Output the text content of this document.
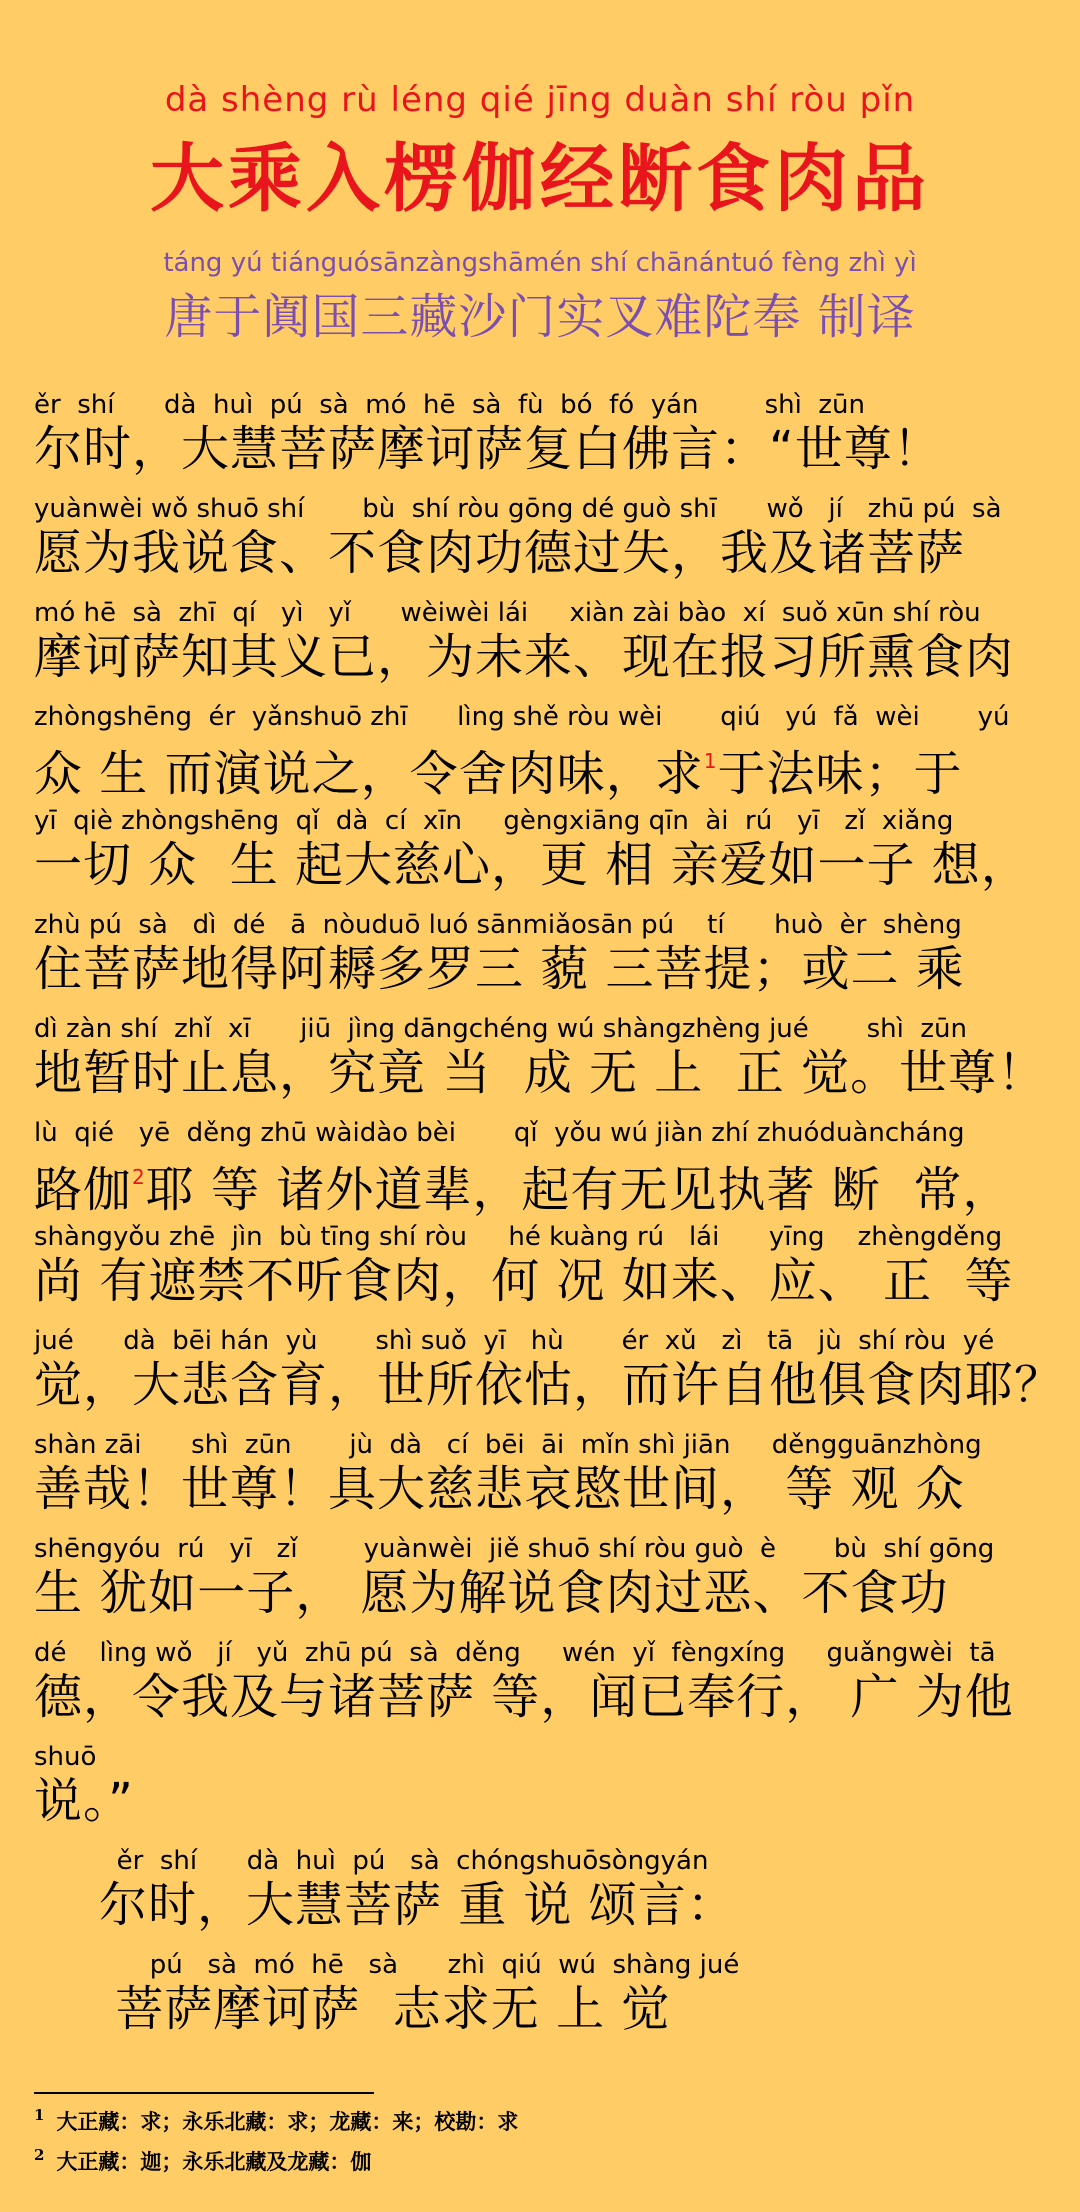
dà shèng rù léng qié jīng duàn shí ròu pǐn
大乘入楞伽经断食肉品
táng yú tiánguósānzàngshāmén shí chānántuó fèng zhì yì
唐于阗国三藏沙门实叉难陀奉 制译
ěr  shí      dà  huì  pú  sà  mó  hē  sà  fù  bó  fó  yán        shì  zūn
尔时，大慧菩萨摩诃萨复白佛言：“世尊！
yuànwèi wǒ shuō shí       bù  shí ròu gōng dé guò shī      wǒ   jí   zhū pú  sà
愿为我说食、不食肉功德过失，我及诸菩萨
mó hē  sà  zhī  qí   yì   yǐ      wèiwèi lái     xiàn zài bào  xí  suǒ xūn shí ròu
摩诃萨知其义已，为未来、现在报习所熏食肉
zhòngshēng  ér  yǎnshuō zhī      lìng shě ròu wèi       qiú   yú  fǎ  wèi       yú
众 生 而演说之，令舍肉味，求$^1$于法味；于
yī  qiè zhòngshēng  qǐ  dà  cí  xīn     gèngxiāng qīn  ài  rú   yī   zǐ  xiǎng
一切 众  生 起大慈心，更 相 亲爱如一子 想，
zhù pú  sà   dì  dé   ā  nòuduō luó sānmiǎosān pú    tí      huò  èr  shèng
住菩萨地得阿耨多罗三 藐 三菩提；或二 乘
dì zàn shí  zhǐ  xī      jiū  jìng dāngchéng wú shàngzhèng jué       shì  zūn
地暂时止息，究竟 当  成 无 上  正 觉。世尊！
lù  qié   yē  děng zhū wàidào bèi       qǐ  yǒu wú jiàn zhí zhuóduàncháng
路伽$^2$耶 等 诸外道辈，起有无见执著 断 常，
shàngyǒu zhē  jìn  bù tīng shí ròu     hé kuàng rú   lái      yīng    zhèngděng
尚 有遮禁不听食肉，何 况 如来、应、 正  等
jué      dà  bēi hán  yù       shì suǒ  yī   hù       ér  xǔ   zì   tā   jù  shí ròu  yé
觉，大悲含育，世所依怙，而许自他俱食肉耶？
shàn zāi      shì  zūn       jù  dà   cí  bēi  āi  mǐn shì jiān     děngguānzhòng
善哉！世尊！具大慈悲哀愍世间， 等 观 众
shēngyóu  rú   yī   zǐ        yuànwèi  jiě shuō shí ròu guò  è       bù  shí gōng
生 犹如一子， 愿为解说食肉过恶、不食功
dé    lìng wǒ   jí   yǔ  zhū pú  sà  děng     wén  yǐ  fèngxíng     guǎngwèi  tā
德，令我及与诸菩萨 等，闻已奉行， 广 为他
shuō
说。”
ěr  shí      dà  huì  pú   sà  chóngshuōsòngyán
尔时，大慧菩萨 重 说 颂言：
pú   sà  mó  hē   sà      zhì  qiú  wú  shàng jué
菩萨摩诃萨  志求无 上 觉
$^1$ 大正藏：求；永乐北藏：求；龙藏：来；校勘：求
$^2$ 大正藏：迦；永乐北藏及龙藏：伽
